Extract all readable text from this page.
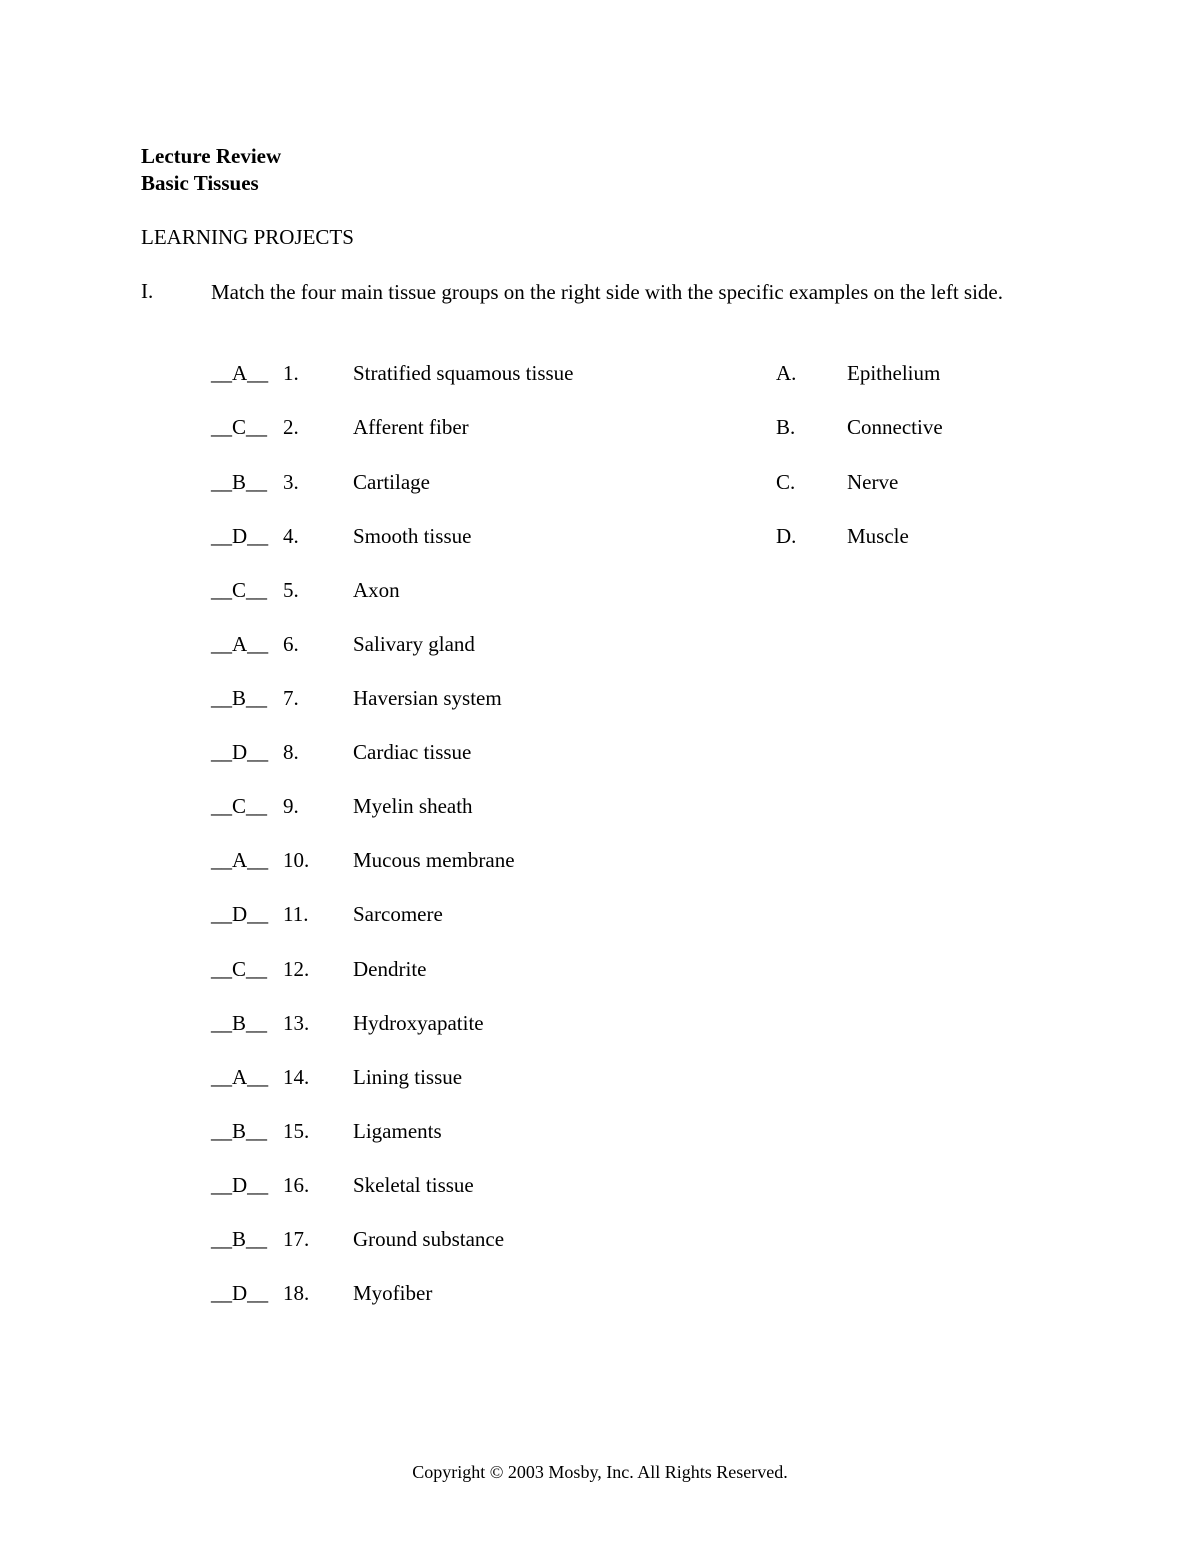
Lecture Review
Basic Tissues
LEARNING PROJECTS
I.	Match the four main tissue groups on the right side with the specific examples on the left side.
__A__ 1.	Stratified squamous tissue	A. Epithelium
__C__ 2.	Afferent fiber	B. Connective
__B__ 3.	Cartilage	C. Nerve
__D__ 4.	Smooth tissue	D. Muscle
__C__ 5.	Axon
__A__ 6.	Salivary gland
__B__ 7.	Haversian system
__D__ 8.	Cardiac tissue
__C__ 9.	Myelin sheath
__A__ 10. Mucous membrane
__D__ 11. Sarcomere
__C__ 12. Dendrite
__B__ 13. Hydroxyapatite
__A__ 14. Lining tissue
__B__ 15. Ligaments
__D__ 16. Skeletal tissue
__B__ 17. Ground substance
__D__ 18. Myofiber
Copyright © 2003 Mosby, Inc. All Rights Reserved.
